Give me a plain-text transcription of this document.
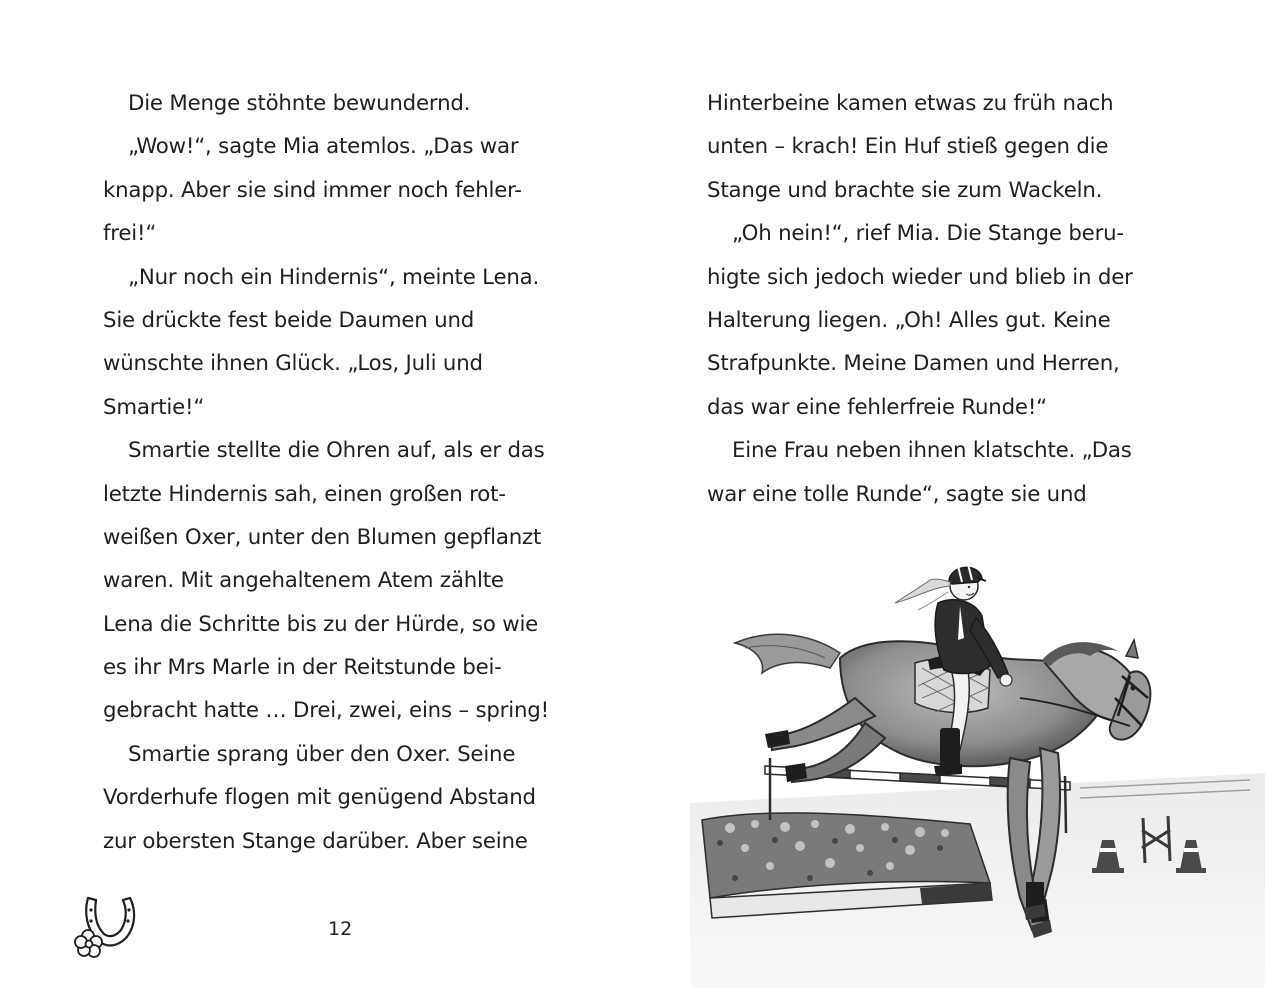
Die Menge stöhnte bewundernd.
„Wow!“, sagte Mia atemlos. „Das war
knapp. Aber sie sind immer noch fehler-
frei!“
„Nur noch ein Hindernis“, meinte Lena.
Sie drückte fest beide Daumen und
wünschte ihnen Glück. „Los, Juli und
Smartie!“
Smartie stellte die Ohren auf, als er das
letzte Hindernis sah, einen großen rot-
weißen Oxer, unter den Blumen gepflanzt
waren. Mit angehaltenem Atem zählte
Lena die Schritte bis zu der Hürde, so wie
es ihr Mrs Marle in der Reitstunde bei-
gebracht hatte … Drei, zwei, eins – spring!
Smartie sprang über den Oxer. Seine
Vorderhufe flogen mit genügend Abstand
zur obersten Stange darüber. Aber seine
Hinterbeine kamen etwas zu früh nach
unten – krach! Ein Huf stieß gegen die
Stange und brachte sie zum Wackeln.
„Oh nein!“, rief Mia. Die Stange beru-
higte sich jedoch wieder und blieb in der
Halterung liegen. „Oh! Alles gut. Keine
Strafpunkte. Meine Damen und Herren,
das war eine fehlerfreie Runde!“
Eine Frau neben ihnen klatschte. „Das
war eine tolle Runde“, sagte sie und
12
